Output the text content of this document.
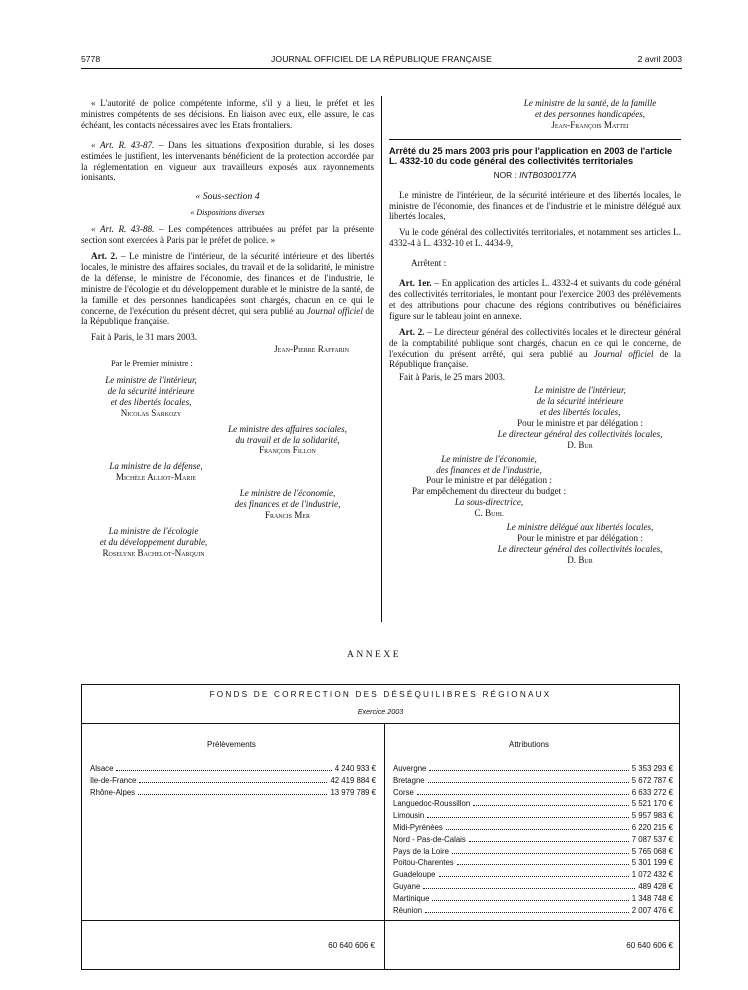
5778	JOURNAL OFFICIEL DE LA RÉPUBLIQUE FRANÇAISE	2 avril 2003

« L'autorité de police compétente informe, s'il y a lieu, le préfet et les ministres compétents de ses décisions. En liaison avec eux, elle assure, le cas échéant, les contacts nécessaires avec les Etats frontaliers.

« Art. R. 43-87. – Dans les situations d'exposition durable, si les doses estimées le justifient, les intervenants bénéficient de la protection accordée par la réglementation en vigueur aux travailleurs exposés aux rayonnements ionisants.

« Sous-section 4

« Dispositions diverses

« Art. R. 43-88. – Les compétences attribuées au préfet par la présente section sont exercées à Paris par le préfet de police. »

Art. 2. – Le ministre de l'intérieur, de la sécurité intérieure et des libertés locales, le ministre des affaires sociales, du travail et de la solidarité, le ministre de la défense, le ministre de l'économie, des finances et de l'industrie, le ministre de l'écologie et du développement durable et le ministre de la santé, de la famille et des personnes handicapées sont chargés, chacun en ce qui le concerne, de l'exécution du présent décret, qui sera publié au Journal officiel de la République française.

Fait à Paris, le 31 mars 2003.

Jean-Pierre Raffarin

Par le Premier ministre :

Le ministre de l'intérieur,

de la sécurité intérieure

et des libertés locales,

Nicolas Sarkozy

Le ministre des affaires sociales,

du travail et de la solidarité,

François Fillon

La ministre de la défense,

Michèle Alliot-Marie

Le ministre de l'économie,

des finances et de l'industrie,

Francis Mer

La ministre de l'écologie

et du développement durable,

Roselyne Bachelot-Narquin

Le ministre de la santé, de la famille

et des personnes handicapées,

Jean-François Mattei

Arrêté du 25 mars 2003 pris pour l'application en 2003 de l'article L. 4332-10 du code général des collectivités territoriales

NOR : INTB0300177A

Le ministre de l'intérieur, de la sécurité intérieure et des libertés locales, le ministre de l'économie, des finances et de l'industrie et le ministre délégué aux libertés locales,

Vu le code général des collectivités territoriales, et notamment ses articles L. 4332-4 à L. 4332-10 et L. 4434-9,

Arrêtent :

Art. 1er. – En application des articles L. 4332-4 et suivants du code général des collectivités territoriales, le montant pour l'exercice 2003 des prélèvements et des attributions pour chacune des régions contributives ou bénéficiaires figure sur le tableau joint en annexe.

Art. 2. – Le directeur général des collectivités locales et le directeur général de la comptabilité publique sont chargés, chacun en ce qui le concerne, de l'exécution du présent arrêté, qui sera publié au Journal officiel de la République française.

Fait à Paris, le 25 mars 2003.

Le ministre de l'intérieur,

de la sécurité intérieure

et des libertés locales,

Pour le ministre et par délégation :

Le directeur général des collectivités locales,

D. Bur

Le ministre de l'économie,

des finances et de l'industrie,

Pour le ministre et par délégation :

Par empêchement du directeur du budget :

La sous-directrice,

C. Buhl

Le ministre délégué aux libertés locales,

Pour le ministre et par délégation :

Le directeur général des collectivités locales,

D. Bur

ANNEXE
FONDS DE CORRECTION DES DÉSÉQUILIBRES RÉGIONAUX
Exercice 2003
Prélèvements	Attributions
Alsace	4 240 933 €
Ile-de-France	42 419 884 €
Rhône-Alpes	13 979 789 €
Auvergne	5 353 293 €
Bretagne	5 672 787 €
Corse	6 633 272 €
Languedoc-Roussillon	5 521 170 €
Limousin	5 957 983 €
Midi-Pyrénées	6 220 215 €
Nord - Pas-de-Calais	7 087 537 €
Pays de la Loire	5 765 068 €
Poitou-Charentes	5 301 199 €
Guadeloupe	1 072 432 €
Guyane	489 428 €
Martinique	1 348 748 €
Réunion	2 007 476 €
60 640 606 €	60 640 606 €
